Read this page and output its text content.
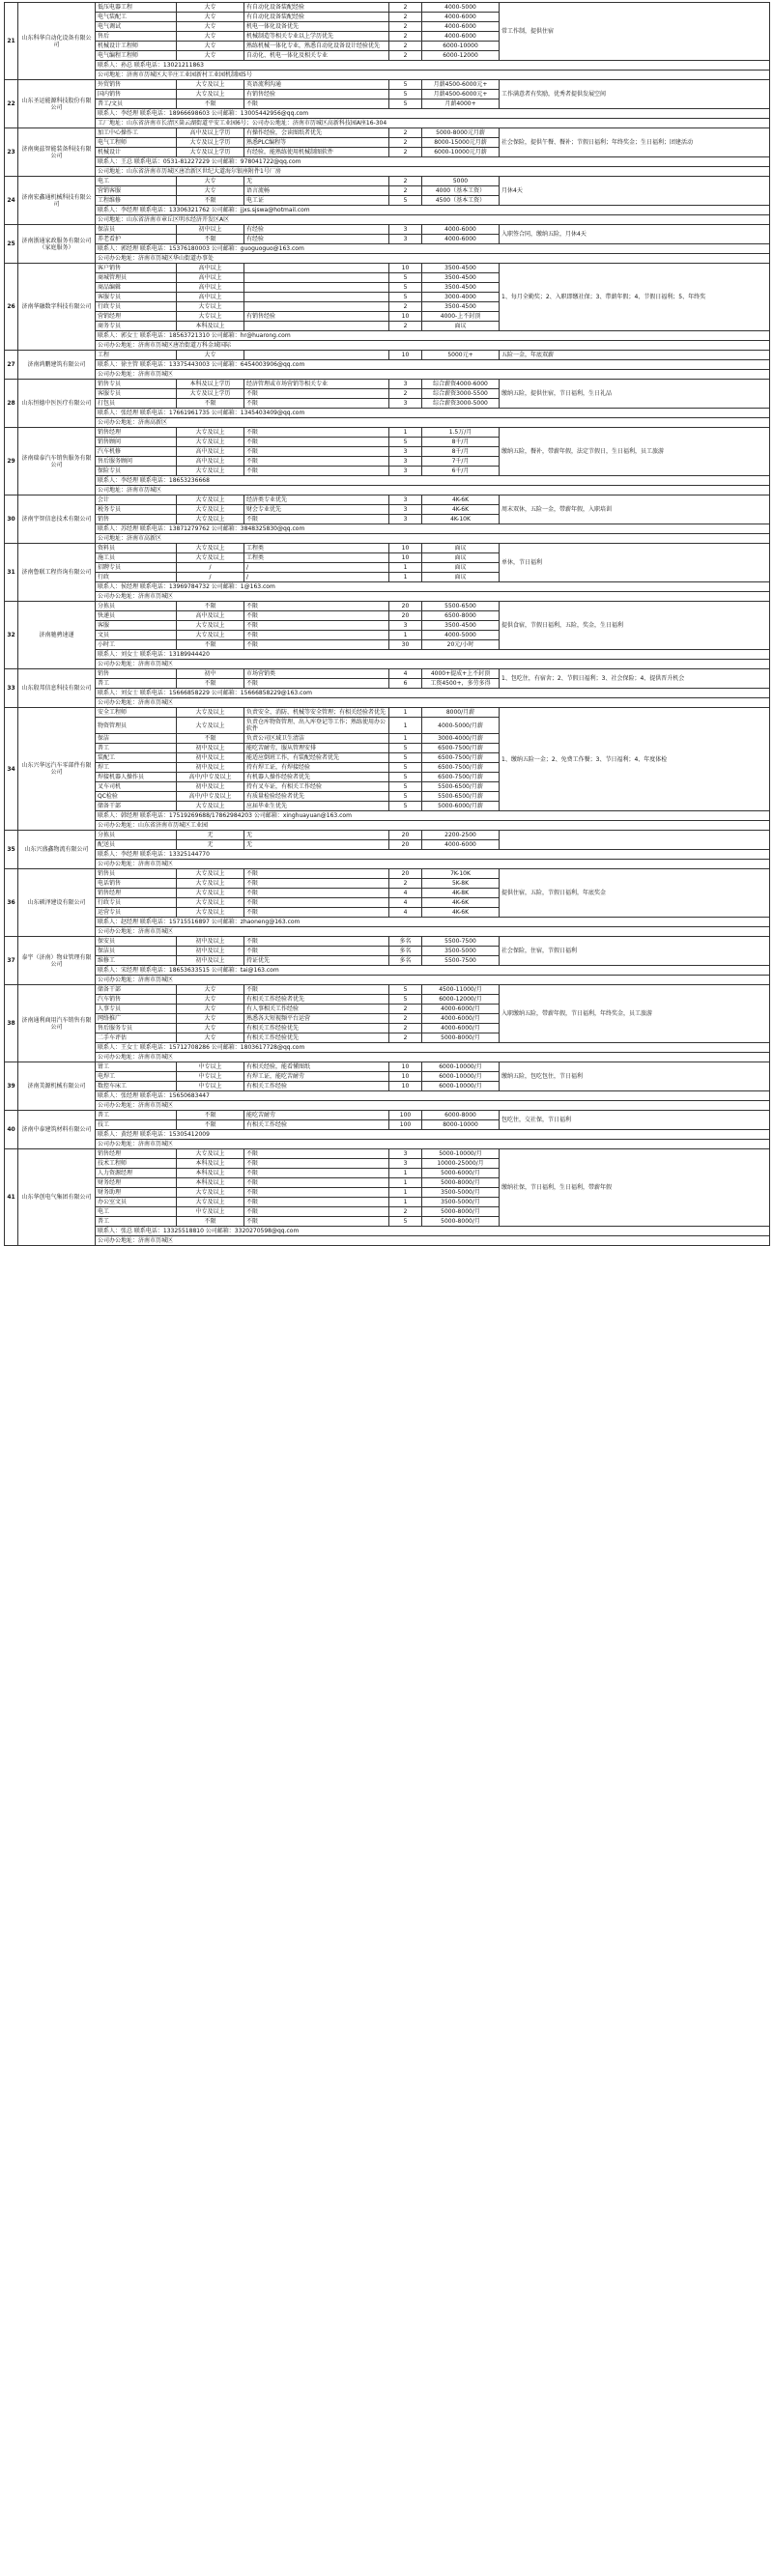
21	山东科华自动化设备有限公司	低压电器工程	大专	有自动化设备装配经验	2	4000-5000	常工作制，提供住宿
		电气装配工	大专	有自动化设备装配经验	2	4000-6000	
		电气调试	大专	机电一体化设备优先	2	4000-6000	
		售后	大专	机械制造等相关专业以上学历优先	2	4000-6000	
		机械设计工程师	大专	熟练机械一体化专业，熟悉自动化设备设计经验优先	2	6000-10000	
		电气编程工程师	大专	自动化、机电一体化及相关专业	2	6000-12000	
		联系人：孙总 联系电话：13021211863					
		公司地址：济南市历城区大辛庄工业园新村工业园机制园5号					
22	山东圣运能源科技股份有限公司	外贸销售	大专及以上	英语流利沟通	5	月薪4500-6000元+	工作满意者有奖励，优秀者提供发展空间
		国内销售	大专及以上	有销售经验	5	月薪4500-6000元+	
		普工/文员	不限	不限	5	月薪4000+	
		联系人：李经理 联系电话：18966698603 公司邮箱：13005442956@qq.com					
		工厂地址：山东省济南市长清区崮云湖街道平安工业园6号；公司办公地址：济南市历城区高新科技园A座16-304					
23	济南奥兹智能装备科技有限公司	加工中心操作工	高中及以上学历	有操作经验，会读图纸者优先	2	5000-8000元月薪	社会保险，提供午餐、餐补；节假日福利；年终奖金；生日福利；团建活动
		电气工程师	大专及以上学历	熟悉PLC编程等	2	8000-15000元月薪	
		机械设计	大专及以上学历	有经验，能熟练使用机械制图软件	2	6000-10000元月薪	
		联系人：王总 联系电话：0531-81227229 公司邮箱：978041722@qq.com					
		公司地址：山东省济南市历城区唐冶新区世纪大道海尔银座附件1号厂房					
24	济南宏鑫通机械科技有限公司	电工	大专	无	2	5000	月休4天
		营销客服	大专	语言流畅	2	4000（基本工资）	
		工程维修	不限	电工证	5	4500（基本工资）	
		联系人：李经理 联系电话：13306321762 公司邮箱：jjxs.sjswa@hotmail.com					
		公司地址：山东省济南市章丘区明水经济开发区A区					
25	济南浙通家政服务有限公司（家庭服务）	保洁员	初中以上	有经验	3	4000-6000	入职签合同，缴纳五险，月休4天
		养老看护	不限	有经验	3	4000-6000	
		联系人：郭经理 联系电话：15376180003 公司邮箱：guoguoguo@163.com					
		公司办公地址：济南市历城区华山街道办事处					
26	济南华融数字科技有限公司	客户销售	高中以上		10	3500-4500	1、每月全勤奖；2、入职即缴社保；3、带薪年假；4、节假日福利；5、年终奖
		商城管理员	高中以上		5	3500-4500	
		商品编辑	高中以上		5	3500-4500	
		客服专员	高中以上		5	3000-4000	
		行政专员	大专以上		2	3500-4500	
		营销经理	大专以上	有销售经验	10	4000-上不封顶	
		商务专员	本科及以上		2	面议	
		联系人：郭女士 联系电话：18563721310 公司邮箱：hr@huarong.com					
		公司办公地址：济南市历城区唐冶街道万科金域国际					
27	济南鸿鹏建筑有限公司	工程	大专		10	5000元+	五险一金，年底双薪
		联系人：徐主管 联系电话：13375443003 公司邮箱：6454003906@qq.com					
		公司办公地址：济南市历城区					
28	山东恒德中医医疗有限公司	销售专员	本科及以上学历	经济管理或市场营销等相关专业	3	综合薪资4000-6000	缴纳五险，提供住宿，节日福利，生日礼品
		客服专员	大专及以上学历	不限	2	综合薪资3000-5500	
		打包员	不限	不限	3	综合薪资3000-5000	
		联系人：张经理 联系电话：17661961735 公司邮箱：1345403409@qq.com					
		公司办公地址：济南高新区					
29	济南瑞泰汽车销售服务有限公司	销售经理	大专及以上	不限	1	1.5万/月	缴纳五险，餐补，带薪年假，法定节假日，生日福利，员工旅游
		销售顾问	大专及以上	不限	5	8千/月	
		汽车机修	高中及以上	不限	3	8千/月	
		售后服务顾问	高中及以上	不限	3	7千/月	
		保险专员	大专及以上	不限	3	6千/月	
		联系人：李经理 联系电话：18653236668					
		公司地址：济南市历城区					
30	济南宇智信息技术有限公司	会计	大专及以上	经济类专业优先	3	4K-6K	周末双休，五险一金，带薪年假，入职培训
		税务专员	大专及以上	财会专业优先	3	4K-6K	
		销售	大专及以上	不限	3	4K-10K	
		联系人：苏经理 联系电话：13871279762 公司邮箱：3848325830@qq.com					
		公司地址：济南市高新区					
31	济南鲁联工程咨询有限公司	资料员	大专及以上	工程类	10	面议	单休，节日福利
		施工员	大专及以上	工程类	10	面议	
		招聘专员	/	/	1	面议	
		行政	/	/	1	面议	
		联系人：侯经理 联系电话：13969784732 公司邮箱：1@163.com					
		公司办公地址：济南市历城区					
32	济南驰骋速递	分拣员	不限	不限	20	5500-6500	提供食宿，节假日福利，五险，奖金，生日福利
		快递员	高中及以上	不限	20	6500-8000	
		客服	大专及以上	不限	3	3500-4500	
		文员	大专及以上	不限	1	4000-5000	
		小时工	不限	不限	30	20元/小时	
		联系人：刘女士 联系电话：13189944420					
		公司办公地址：济南市历城区					
33	山东殷邦信息科技有限公司	销售	初中	市场营销类	4	4000+提成+上不封顶	1、包吃住，有宿舍；2、节假日福利；3、社会保险；4、提供晋升机会
		普工	不限	不限	6	工资4500+，多劳多得	
		联系人：刘女士 联系电话：15666858229 公司邮箱：15666858229@163.com					
		公司办公地址：济南市历城区					
34	山东兴华远汽车零部件有限公司	安全工程师	大专及以上	负责安全、消防、机械等安全管理；有相关经验者优先	1	8000/月薪	1、缴纳五险一金；2、免费工作餐；3、节日福利；4、年度体检
		物资管理员	大专及以上	负责仓库物资管理、出入库登记等工作；熟练使用办公软件	1	4000-5000/月薪	
		保洁	不限	负责公司区域卫生清洁	1	3000-4000/月薪	
		普工	初中及以上	能吃苦耐劳，服从管理安排	5	6500-7500/月薪	
		装配工	初中及以上	能适应倒班工作，有装配经验者优先	5	6500-7500/月薪	
		焊工	初中及以上	持有焊工证，有焊接经验	5	6500-7500/月薪	
		焊接机器人操作员	高中/中专及以上	有机器人操作经验者优先	5	6500-7500/月薪	
		叉车司机	初中及以上	持有叉车证，有相关工作经验	5	5500-6500/月薪	
		QC检验	高中/中专及以上	有质量检验经验者优先	5	5500-6500/月薪	
		储备干部	大专及以上	应届毕业生优先	5	5000-6000/月薪	
		联系人：韩经理 联系电话：17519269688/17862984203 公司邮箱：xinghuayuan@163.com					
		公司办公地址：山东省济南市历城区工业园					
35	山东兴盛鑫物流有限公司	分拣员	无	无	20	2200-2500	
		配送员	无	无	20	4000-6000	
		联系人：李经理 联系电话：13325144770					
		公司办公地址：济南市历城区					
36	山东硕泽建设有限公司	销售员	大专及以上	不限	20	7K-10K	提供住宿，五险，节假日福利，年底奖金
		电话销售	大专及以上	不限	2	5K-8K	
		销售经理	大专及以上	不限	4	4K-8K	
		行政专员	大专及以上	不限	4	4K-6K	
		运营专员	大专及以上	不限	4	4K-6K	
		联系人：赵经理 联系电话：15715516897 公司邮箱：zhaoneng@163.com					
		公司办公地址：济南市历城区					
37	泰宇（济南）物业管理有限公司	保安员	初中及以上	不限	多名	5500-7500	社会保险，住宿，节假日福利
		保洁员	初中及以上	不限	多名	3500-5000	
		维修工	初中及以上	持证优先	多名	5500-7500	
		联系人：宋经理 联系电话：18653633515 公司邮箱：tai@163.com					
		公司办公地址：济南市历城区					
38	济南通利商用汽车销售有限公司	储备干部	大专	不限	5	4500-11000/月	入职缴纳五险，带薪年假，节日福利，年终奖金，员工旅游
		汽车销售	大专	有相关工作经验者优先	5	6000-12000/月	
		人事专员	大专	有人事相关工作经验	2	4000-6000/月	
		网络推广	大专	熟悉各大短视频平台运营	2	4000-6000/月	
		售后服务专员	大专	有相关工作经验优先	2	4000-6000/月	
		二手车评估	大专	有相关工作经验优先	2	5000-8000/月	
		联系人：王女士 联系电话：15712708286 公司邮箱：1803617728@qq.com					
		公司办公地址：济南市历城区					
39	济南美源机械有限公司	钳工	中专以上	有相关经验，能看懂图纸	10	6000-10000/月	缴纳五险，包吃包住，节日福利
		电焊工	中专以上	有焊工证，能吃苦耐劳	10	6000-10000/月	
		数控车床工	中专以上	有相关工作经验	10	6000-10000/月	
		联系人：张经理 联系电话：15650683447					
		公司办公地址：济南市历城区					
40	济南中泰建筑材料有限公司	普工	不限	能吃苦耐劳	100	6000-8000	包吃住，交社保，节日福利
		技工	不限	有相关工作经验	100	8000-10000	
		联系人：黄经理 联系电话：15305412009					
		公司办公地址：济南市历城区					
41	山东华创电气集团有限公司	销售经理	大专及以上	不限	3	5000-10000/月	缴纳社保，节日福利，生日福利，带薪年假
		技术工程师	本科及以上	不限	3	10000-25000/月	
		人力资源经理	本科及以上	不限	1	5000-6000/月	
		财务经理	本科及以上	不限	1	5000-8000/月	
		财务助理	大专及以上	不限	1	3500-5000/月	
		办公室文员	大专及以上	不限	1	3500-5000/月	
		电工	中专及以上	不限	2	5000-8000/月	
		普工	不限	不限	5	5000-8000/月	
		联系人：张总 联系电话：13325518810 公司邮箱：3320270598@qq.com					
		公司办公地址：济南市历城区					
